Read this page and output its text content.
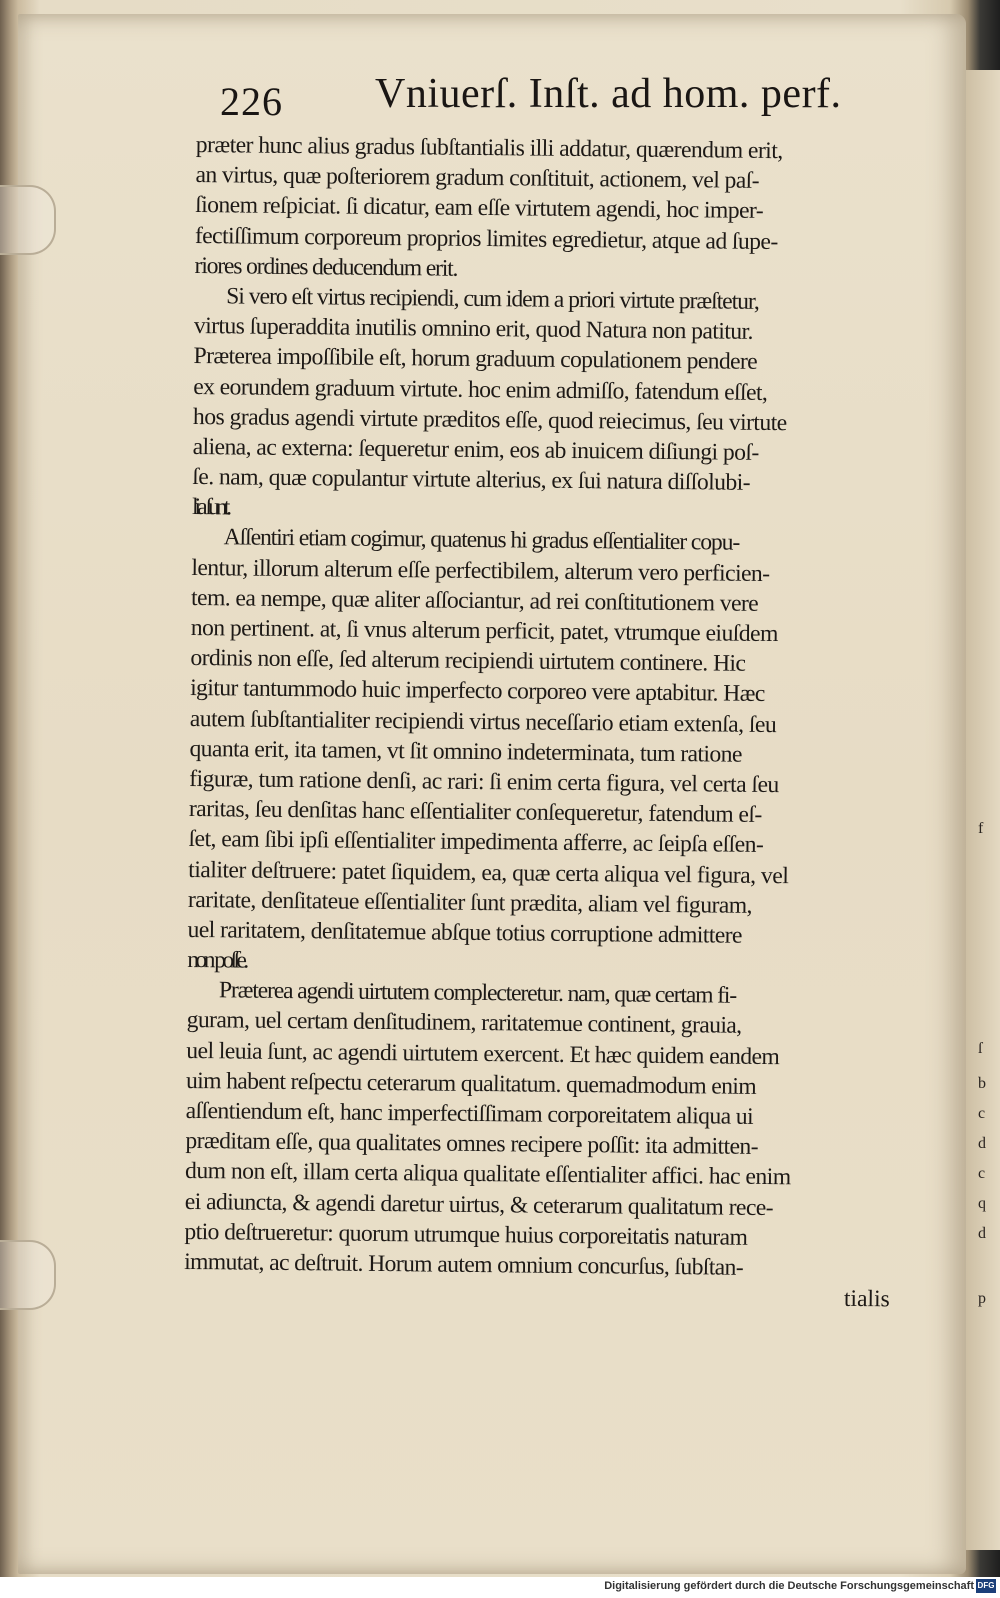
f
ſ
b
c
d
c
q
d
p
226 Vniuerſ. Inſt. ad hom. perf.
præter hunc alius gradus ſubſtantialis illi addatur, quærendum erit,
an virtus, quæ poſteriorem gradum conſtituit, actionem, vel paſ-
ſionem reſpiciat. ſi dicatur, eam eſſe virtutem agendi, hoc imper-
fectiſſimum corporeum proprios limites egredietur, atque ad ſupe-
riores ordines deducendum erit.
Si vero eſt virtus recipiendi, cum idem a priori virtute præſtetur,
virtus ſuperaddita inutilis omnino erit, quod Natura non patitur.
Præterea impoſſibile eſt, horum graduum copulationem pendere
ex eorundem graduum virtute. hoc enim admiſſo, fatendum eſſet,
hos gradus agendi virtute præditos eſſe, quod reiecimus, ſeu virtute
aliena, ac externa: ſequeretur enim, eos ab inuicem diſiungi poſ-
ſe. nam, quæ copulantur virtute alterius, ex ſui natura diſſolubi-
lia ſunt.
Aſſentiri etiam cogimur, quatenus hi gradus eſſentialiter copu-
lentur, illorum alterum eſſe perfectibilem, alterum vero perficien-
tem. ea nempe, quæ aliter aſſociantur, ad rei conſtitutionem vere
non pertinent. at, ſi vnus alterum perficit, patet, vtrumque eiuſdem
ordinis non eſſe, ſed alterum recipiendi uirtutem continere. Hic
igitur tantummodo huic imperfecto corporeo vere aptabitur. Hæc
autem ſubſtantialiter recipiendi virtus neceſſario etiam extenſa, ſeu
quanta erit, ita tamen, vt ſit omnino indeterminata, tum ratione
figuræ, tum ratione denſi, ac rari: ſi enim certa figura, vel certa ſeu
raritas, ſeu denſitas hanc eſſentialiter conſequeretur, fatendum eſ-
ſet, eam ſibi ipſi eſſentialiter impedimenta afferre, ac ſeipſa eſſen-
tialiter deſtruere: patet ſiquidem, ea, quæ certa aliqua vel figura, vel
raritate, denſitateue eſſentialiter ſunt prædita, aliam vel figuram,
uel raritatem, denſitatemue abſque totius corruptione admittere
non poſſe.
Præterea agendi uirtutem complecteretur. nam, quæ certam fi-
guram, uel certam denſitudinem, raritatemue continent, grauia,
uel leuia ſunt, ac agendi uirtutem exercent. Et hæc quidem eandem
uim habent reſpectu ceterarum qualitatum. quemadmodum enim
aſſentiendum eſt, hanc imperfectiſſimam corporeitatem aliqua ui
præditam eſſe, qua qualitates omnes recipere poſſit: ita admitten-
dum non eſt, illam certa aliqua qualitate eſſentialiter affici. hac enim
ei adiuncta, & agendi daretur uirtus, & ceterarum qualitatum rece-
ptio deſtrueretur: quorum utrumque huius corporeitatis naturam
immutat, ac deſtruit. Horum autem omnium concurſus, ſubſtan-
tialis
Digitalisierung gefördert durch die Deutsche Forschungsgemeinschaft DFG
